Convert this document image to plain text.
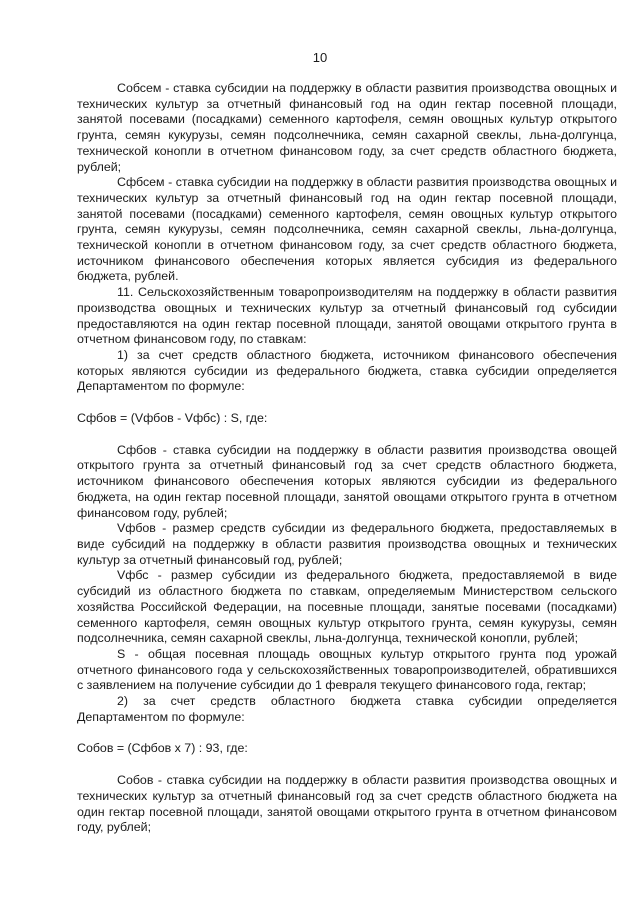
10

Собсем - ставка субсидии на поддержку в области развития производства овощных и технических культур за отчетный финансовый год на один гектар посевной площади, занятой посевами (посадками) семенного картофеля, семян овощных культур открытого грунта, семян кукурузы, семян подсолнечника, семян сахарной свеклы, льна-долгунца, технической конопли в отчетном финансовом году, за счет средств областного бюджета, рублей;

Сфбсем - ставка субсидии на поддержку в области развития производства овощных и технических культур за отчетный финансовый год на один гектар посевной площади, занятой посевами (посадками) семенного картофеля, семян овощных культур открытого грунта, семян кукурузы, семян подсолнечника, семян сахарной свеклы, льна-долгунца, технической конопли в отчетном финансовом году, за счет средств областного бюджета, источником финансового обеспечения которых является субсидия из федерального бюджета, рублей.

11. Сельскохозяйственным товаропроизводителям на поддержку в области развития производства овощных и технических культур за отчетный финансовый год субсидии предоставляются на один гектар посевной площади, занятой овощами открытого грунта в отчетном финансовом году, по ставкам:

1) за счет средств областного бюджета, источником финансового обеспечения которых являются субсидии из федерального бюджета, ставка субсидии определяется Департаментом по формуле:

Сфбов = (Vфбов - Vфбс) : S, где:

Сфбов - ставка субсидии на поддержку в области развития производства овощей открытого грунта за отчетный финансовый год за счет средств областного бюджета, источником финансового обеспечения которых являются субсидии из федерального бюджета, на один гектар посевной площади, занятой овощами открытого грунта в отчетном финансовом году, рублей;

Vфбов - размер средств субсидии из федерального бюджета, предоставляемых в виде субсидий на поддержку в области развития производства овощных и технических культур за отчетный финансовый год, рублей;

Vфбс - размер субсидии из федерального бюджета, предоставляемой в виде субсидий из областного бюджета по ставкам, определяемым Министерством сельского хозяйства Российской Федерации, на посевные площади, занятые посевами (посадками) семенного картофеля, семян овощных культур открытого грунта, семян кукурузы, семян подсолнечника, семян сахарной свеклы, льна-долгунца, технической конопли, рублей;

S - общая посевная площадь овощных культур открытого грунта под урожай отчетного финансового года у сельскохозяйственных товаропроизводителей, обратившихся с заявлением на получение субсидии до 1 февраля текущего финансового года, гектар;

2) за счет средств областного бюджета ставка субсидии определяется Департаментом по формуле:

Собов = (Сфбов х 7) : 93, где:

Собов - ставка субсидии на поддержку в области развития производства овощных и технических культур за отчетный финансовый год за счет средств областного бюджета на один гектар посевной площади, занятой овощами открытого грунта в отчетном финансовом году, рублей;
